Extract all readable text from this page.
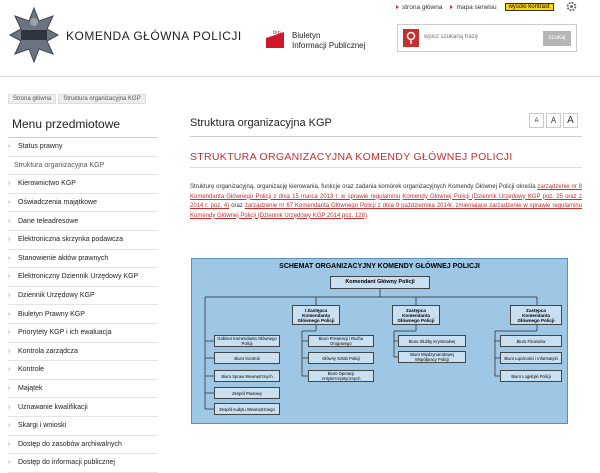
KOMENDA GŁÓWNA POLICJI	bip Biuletyn
Informacji Publicznej
strona główna mapa serwisu	wysoki kontrast
wpisz szukaną frazę
szukaj
Strona główna	Struktura organizacyjna KGP
Menu przedmiotowe
›	Status prawny
Struktura organizacyjna KGP
›	Kierownictwo KGP
›	Oświadczenia majątkowe
›	Dane teleadresowe
›	Elektroniczna skrzynka podawcza
›	Stanowienie aktów prawnych
›	Elektroniczny Dziennik Urzędowy KGP
›	Dziennik Urzędowy KGP
›	Biuletyn Prawny KGP
›	Priorytety KGP i ich ewaluacja
›	Kontrola zarządcza
›	Kontrole
›	Majątek
›	Uznawanie kwalifikacji
›	Skargi i wnioski
›	Dostęp do zasobów archiwalnych
›	Dostęp do informacji publicznej
Struktura organizacyjna KGP	A	A	A
STRUKTURA ORGANIZACYJNA KOMENDY GŁÓWNEJ POLICJI
Strukturę organizacyjną, organizację kierowania, funkcje oraz zadania komórek organizacyjnych Komendy Głównej Policji określa zarządzenie nr 8 Komendanta Głównego Policji z dnia 15 marca 2013 r. w sprawie regulaminu Komendy Głównej Policji (Dziennik Urzędowy KGP poz. 25 oraz z 2014 r. poz. 4) oraz zarządzenie nr 67 Komendanta Głównego Policji z dnia 9 października 2014r. zmieniające zarządzenie w sprawie regulaminu Komendy Głównej Policji (Dziennik Urzędowy KGP 2014 poz. 128).
SCHEMAT ORGANIZACYJNY KOMENDY GŁÓWNEJ POLICJI
Komendant Główny Policji
I Zastępca Komendanta Głównego Policji
Zastępca Komendanta Głównego Policji
Zastępca Komendanta Głównego Policji
Gabinet Komendanta Głównego Policji
Biuro Kontroli
Biuro Spraw Wewnętrznych
Zespół Prasowy
Zespół Audytu Wewnętrznego
Biuro Prewencji i Ruchu Drogowego
Główny Sztab Policji
Biuro Operacji Antyterrorystycznych
Biuro Służby Kryminalnej
Biuro Międzynarodowej Współpracy Policji
Biuro Finansów
Biuro Łączności i Informatyki
Biuro Logistyki Policji
